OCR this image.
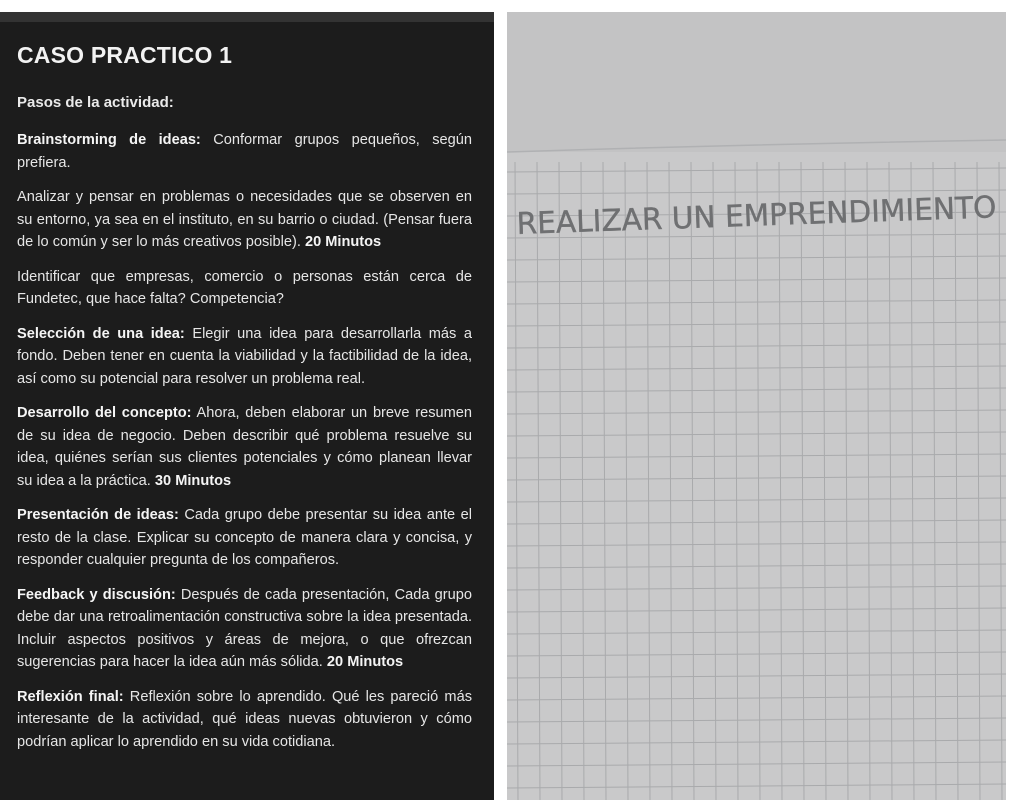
CASO PRACTICO 1
Pasos de la actividad:

Brainstorming de ideas: Conformar grupos pequeños, según prefiera.

Analizar y pensar en problemas o necesidades que se observen en su entorno, ya sea en el instituto, en su barrio o ciudad. (Pensar fuera de lo común y ser lo más creativos posible). 20 Minutos

Identificar que empresas, comercio o personas están cerca de Fundetec, que hace falta? Competencia?

Selección de una idea: Elegir una idea para desarrollarla más a fondo. Deben tener en cuenta la viabilidad y la factibilidad de la idea, así como su potencial para resolver un problema real.

Desarrollo del concepto: Ahora, deben elaborar un breve resumen de su idea de negocio. Deben describir qué problema resuelve su idea, quiénes serían sus clientes potenciales y cómo planean llevar su idea a la práctica. 30 Minutos

Presentación de ideas: Cada grupo debe presentar su idea ante el resto de la clase. Explicar su concepto de manera clara y concisa, y responder cualquier pregunta de los compañeros.

Feedback y discusión: Después de cada presentación, Cada grupo debe dar una retroalimentación constructiva sobre la idea presentada. Incluir aspectos positivos y áreas de mejora, o que ofrezcan sugerencias para hacer la idea aún más sólida. 20 Minutos

Reflexión final: Reflexión sobre lo aprendido. Qué les pareció más interesante de la actividad, qué ideas nuevas obtuvieron y cómo podrían aplicar lo aprendido en su vida cotidiana.

REALIZAR UN EMPRENDIMIENTO
